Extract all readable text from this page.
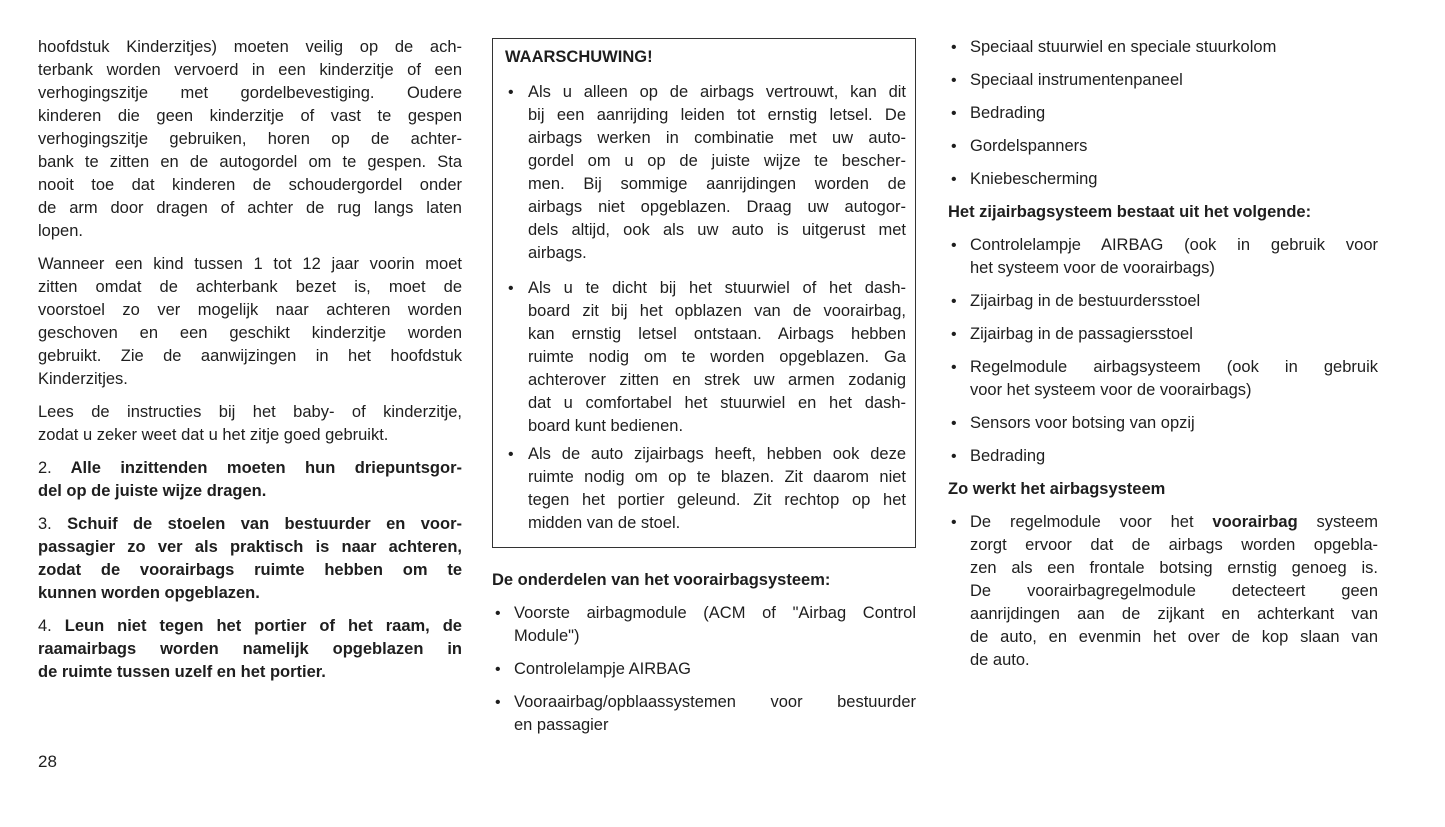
hoofdstuk Kinderzitjes) moeten veilig op de ach-
terbank worden vervoerd in een kinderzitje of een
verhogingszitje met gordelbevestiging. Oudere
kinderen die geen kinderzitje of vast te gespen
verhogingszitje gebruiken, horen op de achter-
bank te zitten en de autogordel om te gespen. Sta
nooit toe dat kinderen de schoudergordel onder
de arm door dragen of achter de rug langs laten
lopen.
Wanneer een kind tussen 1 tot 12 jaar voorin moet
zitten omdat de achterbank bezet is, moet de
voorstoel zo ver mogelijk naar achteren worden
geschoven en een geschikt kinderzitje worden
gebruikt. Zie de aanwijzingen in het hoofdstuk
Kinderzitjes.
Lees de instructies bij het baby- of kinderzitje,
zodat u zeker weet dat u het zitje goed gebruikt.
2. Alle inzittenden moeten hun driepuntsgor-
del op de juiste wijze dragen.
3. Schuif de stoelen van bestuurder en voor-
passagier zo ver als praktisch is naar achteren,
zodat de voorairbags ruimte hebben om te
kunnen worden opgeblazen.
4. Leun niet tegen het portier of het raam, de
raamairbags worden namelijk opgeblazen in
de ruimte tussen uzelf en het portier.
WAARSCHUWING!
• Als u alleen op de airbags vertrouwt, kan dit
bij een aanrijding leiden tot ernstig letsel. De
airbags werken in combinatie met uw auto-
gordel om u op de juiste wijze te bescher-
men. Bij sommige aanrijdingen worden de
airbags niet opgeblazen. Draag uw autogor-
dels altijd, ook als uw auto is uitgerust met
airbags.
• Als u te dicht bij het stuurwiel of het dash-
board zit bij het opblazen van de voorairbag,
kan ernstig letsel ontstaan. Airbags hebben
ruimte nodig om te worden opgeblazen. Ga
achterover zitten en strek uw armen zodanig
dat u comfortabel het stuurwiel en het dash-
board kunt bedienen.
• Als de auto zijairbags heeft, hebben ook deze
ruimte nodig om op te blazen. Zit daarom niet
tegen het portier geleund. Zit rechtop op het
midden van de stoel.
De onderdelen van het voorairbagsysteem:
• Voorste airbagmodule (ACM of "Airbag Control
Module")
• Controlelampje AIRBAG
• Vooraairbag/opblaassystemen voor bestuurder
en passagier
• Speciaal stuurwiel en speciale stuurkolom
• Speciaal instrumentenpaneel
• Bedrading
• Gordelspanners
• Kniebescherming
Het zijairbagsysteem bestaat uit het volgende:
• Controlelampje AIRBAG (ook in gebruik voor
het systeem voor de voorairbags)
• Zijairbag in de bestuurdersstoel
• Zijairbag in de passagiersstoel
• Regelmodule airbagsysteem (ook in gebruik
voor het systeem voor de voorairbags)
• Sensors voor botsing van opzij
• Bedrading
Zo werkt het airbagsysteem
• De regelmodule voor het voorairbag systeem
zorgt ervoor dat de airbags worden opgebla-
zen als een frontale botsing ernstig genoeg is.
De voorairbagregelmodule detecteert geen
aanrijdingen aan de zijkant en achterkant van
de auto, en evenmin het over de kop slaan van
de auto.
28
